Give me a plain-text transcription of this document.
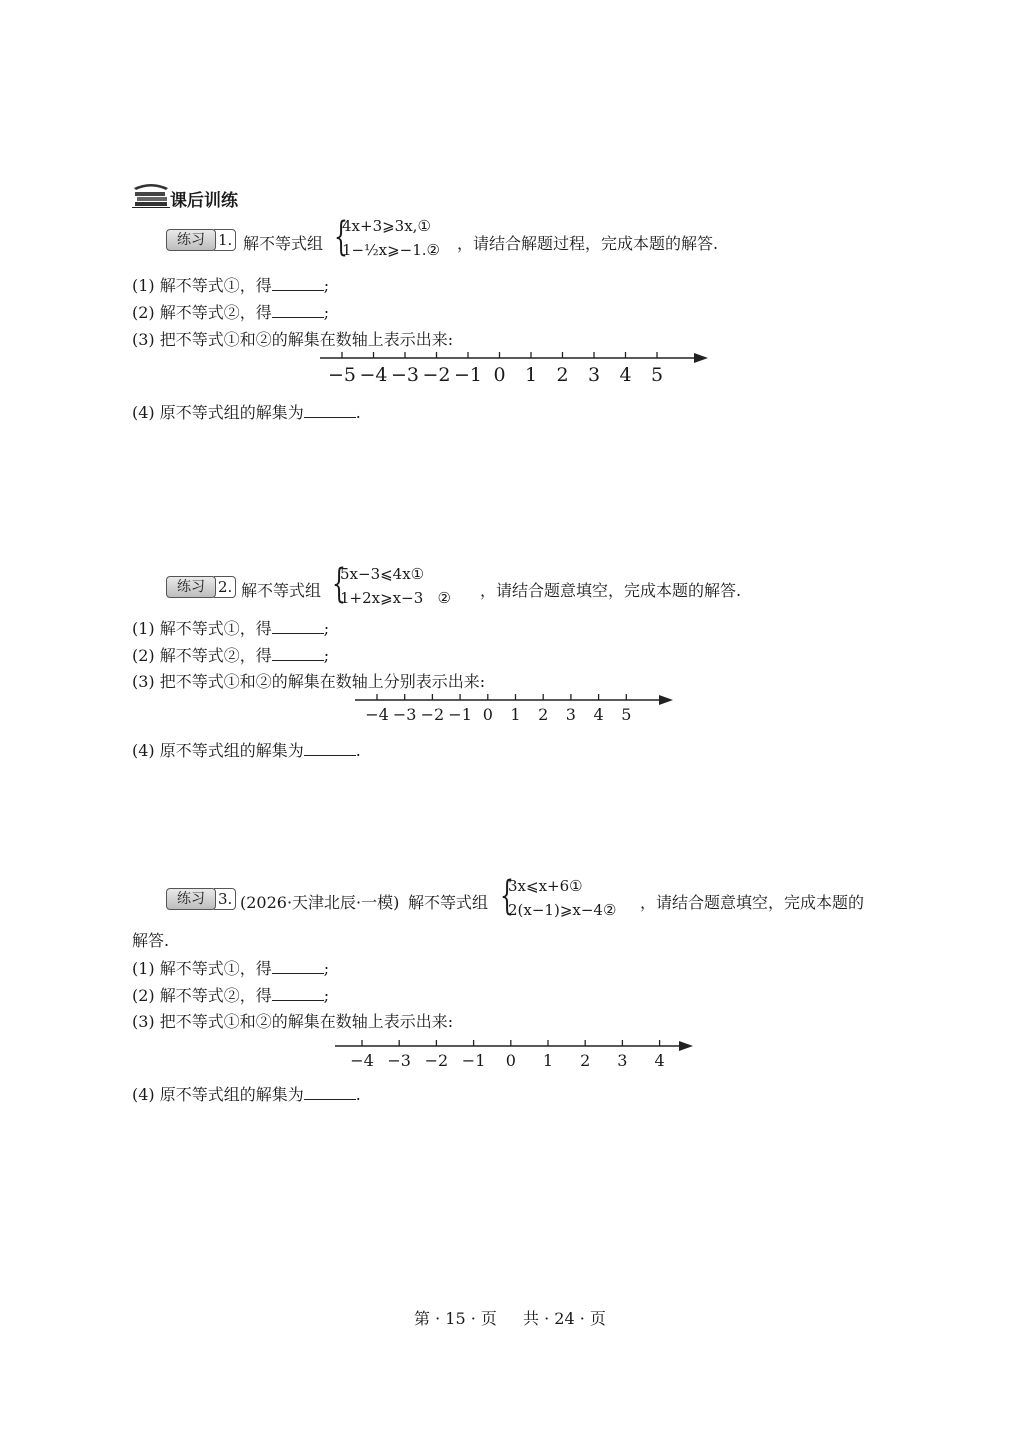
课后训练
练习 1. 解不等式组 {
4x+3⩾3x,①
1−½x⩾−1.② ，请结合解题过程，完成本题的解答.
(1) 解不等式①，得	;
(2) 解不等式②，得	;
(3) 把不等式①和②的解集在数轴上表示出来:
−5 −4 −3 −2 −1 0 1 2 3 4 5
(4) 原不等式组的解集为	.
练习 2. 解不等式组 {
5x−3⩽4x①
1+2x⩾x−3   ② ，请结合题意填空，完成本题的解答.
(1) 解不等式①，得	;
(2) 解不等式②，得	;
(3) 把不等式①和②的解集在数轴上分别表示出来:
−4 −3 −2 −1 0 1 2 3 4 5
(4) 原不等式组的解集为	.
练习 3. (2026·天津北辰·一模) 解不等式组 {
3x⩽x+6①
2(x−1)⩾x−4② ，请结合题意填空，完成本题的
解答.
(1) 解不等式①，得	;
(2) 解不等式②，得	;
(3) 把不等式①和②的解集在数轴上表示出来:
−4 −3 −2 −1 0 1 2 3 4
(4) 原不等式组的解集为	.
第 · 15 · 页 共 · 24 · 页
